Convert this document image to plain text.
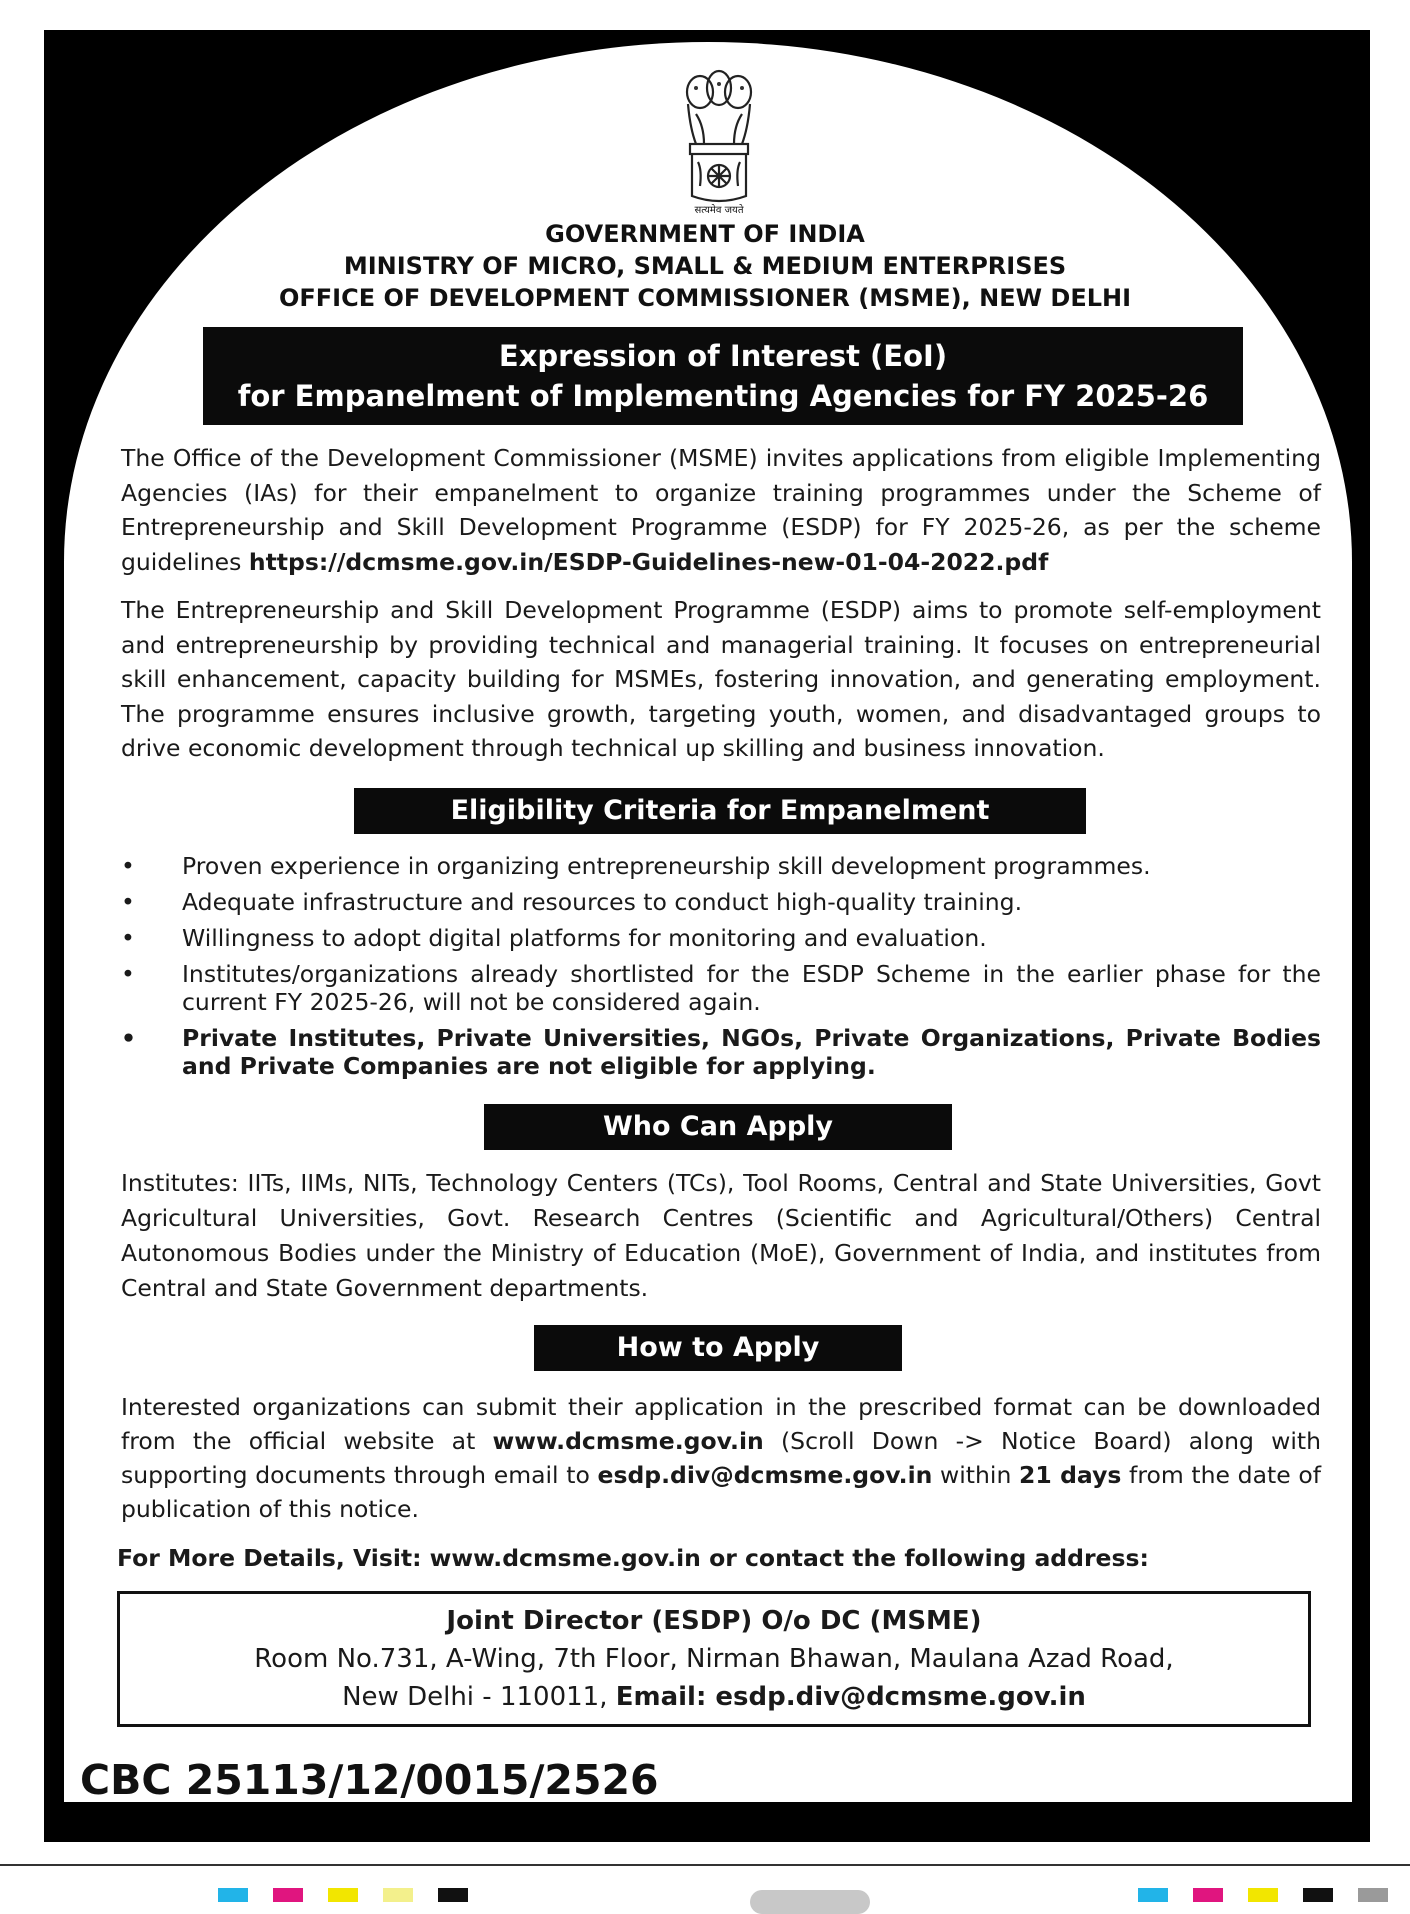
सत्यमेव जयते
GOVERNMENT OF INDIA
MINISTRY OF MICRO, SMALL & MEDIUM ENTERPRISES
OFFICE OF DEVELOPMENT COMMISSIONER (MSME), NEW DELHI
Expression of Interest (EoI)
for Empanelment of Implementing Agencies for FY 2025-26
The Office of the Development Commissioner (MSME) invites applications from eligible Implementing Agencies (IAs) for their empanelment to organize training programmes under the Scheme of Entrepreneurship and Skill Development Programme (ESDP) for FY 2025-26, as per the scheme guidelines https://dcmsme.gov.in/ESDP-Guidelines-new-01-04-2022.pdf
The Entrepreneurship and Skill Development Programme (ESDP) aims to promote self-employment and entrepreneurship by providing technical and managerial training. It focuses on entrepreneurial skill enhancement, capacity building for MSMEs, fostering innovation, and generating employment. The programme ensures inclusive growth, targeting youth, women, and disadvantaged groups to drive economic development through technical up skilling and business innovation.
Eligibility Criteria for Empanelment
• Proven experience in organizing entrepreneurship skill development programmes.
• Adequate infrastructure and resources to conduct high-quality training.
• Willingness to adopt digital platforms for monitoring and evaluation.
• Institutes/organizations already shortlisted for the ESDP Scheme in the earlier phase for the current FY 2025-26, will not be considered again.
• Private Institutes, Private Universities, NGOs, Private Organizations, Private Bodies and Private Companies are not eligible for applying.
Who Can Apply
Institutes: IITs, IIMs, NITs, Technology Centers (TCs), Tool Rooms, Central and State Universities, Govt Agricultural Universities, Govt. Research Centres (Scientific and Agricultural/Others) Central Autonomous Bodies under the Ministry of Education (MoE), Government of India, and institutes from Central and State Government departments.
How to Apply
Interested organizations can submit their application in the prescribed format can be downloaded from the official website at www.dcmsme.gov.in (Scroll Down -> Notice Board) along with supporting documents through email to esdp.div@dcmsme.gov.in within 21 days from the date of publication of this notice.
For More Details, Visit: www.dcmsme.gov.in or contact the following address:
Joint Director (ESDP) O/o DC (MSME)
Room No.731, A-Wing, 7th Floor, Nirman Bhawan, Maulana Azad Road,
New Delhi - 110011, Email: esdp.div@dcmsme.gov.in
CBC 25113/12/0015/2526
